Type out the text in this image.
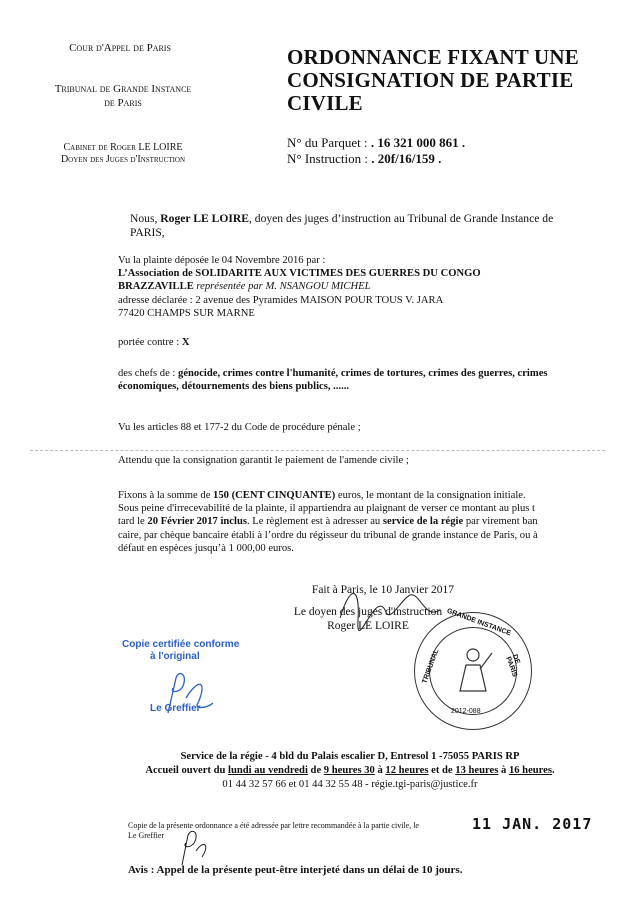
Cour d'Appel de Paris
Tribunal de Grande Instance
de Paris
Cabinet de Roger LE LOIRE
Doyen des Juges d'Instruction
ORDONNANCE FIXANT UNE
CONSIGNATION DE PARTIE
CIVILE
N° du Parquet : . 16 321 000 861 .
N° Instruction : . 20f/16/159 .
Nous, Roger LE LOIRE, doyen des juges d’instruction au Tribunal de Grande Instance de
PARIS,
Vu la plainte déposée le 04 Novembre 2016 par :
L’Association de SOLIDARITE AUX VICTIMES DES GUERRES DU CONGO
BRAZZAVILLE représentée par M. NSANGOU MICHEL
adresse déclarée : 2 avenue des Pyramides MAISON POUR TOUS V. JARA
77420 CHAMPS SUR MARNE
portée contre : X
des chefs de : génocide, crimes contre l'humanité, crimes de tortures, crimes des guerres, crimes
économiques, détournements des biens publics, ......
Vu les articles 88 et 177-2 du Code de procédure pénale ;
Attendu que la consignation garantit le paiement de l'amende civile ;
Fixons à la somme de 150 (CENT CINQUANTE) euros, le montant de la consignation initiale.
Sous peine d'irrecevabilité de la plainte, il appartiendra au plaignant de verser ce montant au plus t
tard le 20 Février 2017 inclus. Le règlement est à adresser au service de la régie par virement ban
caire, par chèque bancaire établi à l’ordre du régisseur du tribunal de grande instance de Paris, ou à
défaut en espèces jusqu’à 1 000,00 euros.
Fait à Paris, le 10 Janvier 2017
Le doyen des juges d'instruction
Roger LE LOIRE
Copie certifiée conforme
à l'original
Le Greffier
GRANDE INSTANCE
TRIBUNAL	DE PARIS
2012-088
Service de la régie - 4 bld du Palais escalier D, Entresol 1 -75055 PARIS RP
Accueil ouvert du lundi au vendredi de 9 heures 30 à 12 heures et de 13 heures à 16 heures.
01 44 32 57 66 et 01 44 32 55 48 - régie.tgi-paris@justice.fr
Copie de la présente ordonnance a été adressée par lettre recommandée à la partie civile, le
Le Greffier
11 JAN. 2017
Avis : Appel de la présente peut-être interjeté dans un délai de 10 jours.
